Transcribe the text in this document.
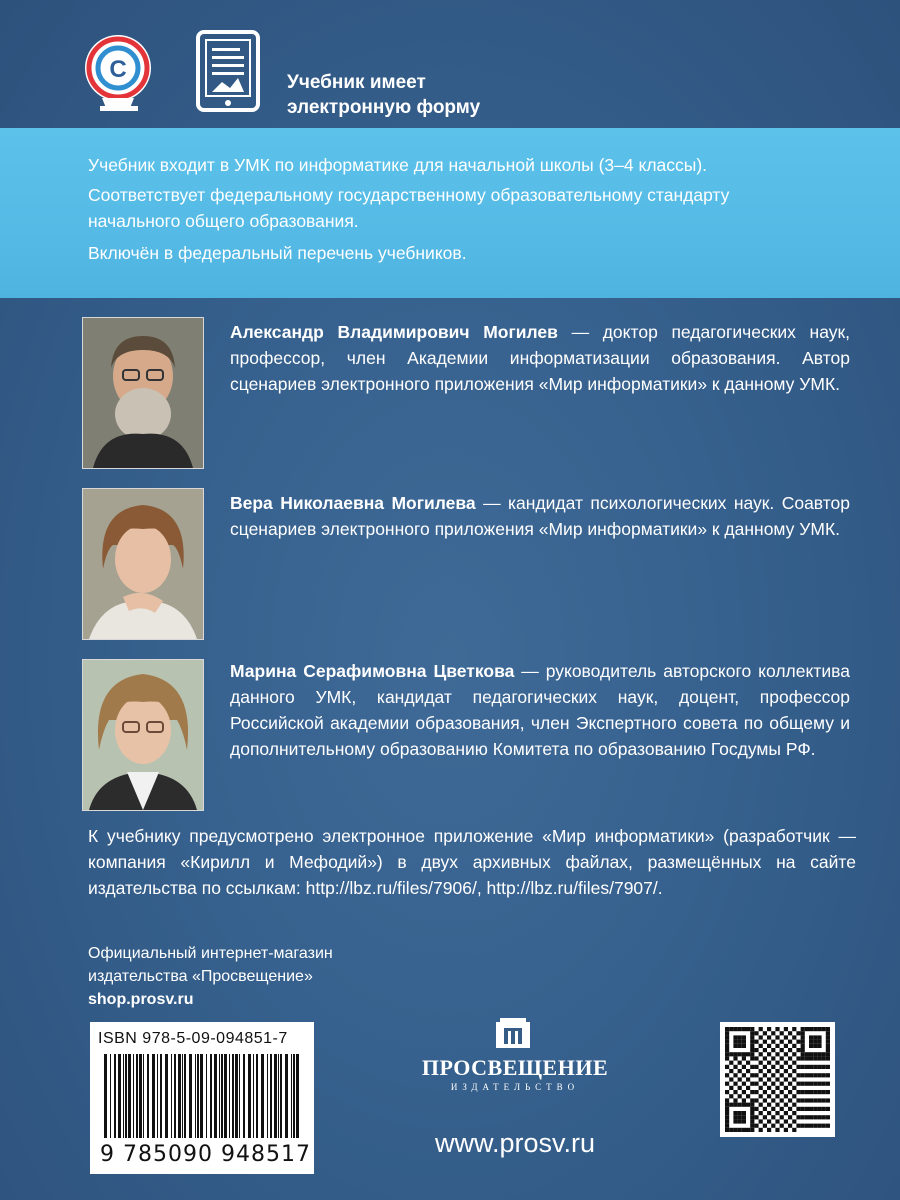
С	Учебник имеет
электронную форму

Учебник входит в УМК по информатике для начальной школы (3–4 классы).

Соответствует федеральному государственному образовательному стандарту

начального общего образования.

Включён в федеральный перечень учебников.

Александр Владимирович Могилев — доктор педагогических наук, профессор, член Академии информатизации образования. Автор сценариев электронного приложения «Мир информатики» к данному УМК.
Вера Николаевна Могилева — кандидат психологических наук. Соавтор сценариев электронного приложения «Мир информатики» к данному УМК.
Марина Серафимовна Цветкова — руководитель авторского коллектива данного УМК, кандидат педагогических наук, доцент, профессор Российской академии образования, член Экспертного совета по общему и дополнительному образованию Комитета по образованию Госдумы РФ.
К учебнику предусмотрено электронное приложение «Мир информатики» (разработчик — компания «Кирилл и Мефодий») в двух архивных файлах, размещённых на сайте издательства по ссылкам: http://lbz.ru/files/7906/, http://lbz.ru/files/7907/.
Официальный интернет-магазин
издательства «Просвещение»
shop.prosv.ru
ISBN 978-5-09-094851-7
9 785090 948517
ПРОСВЕЩЕНИЕ
ИЗДАТЕЛЬСТВО
www.prosv.ru
